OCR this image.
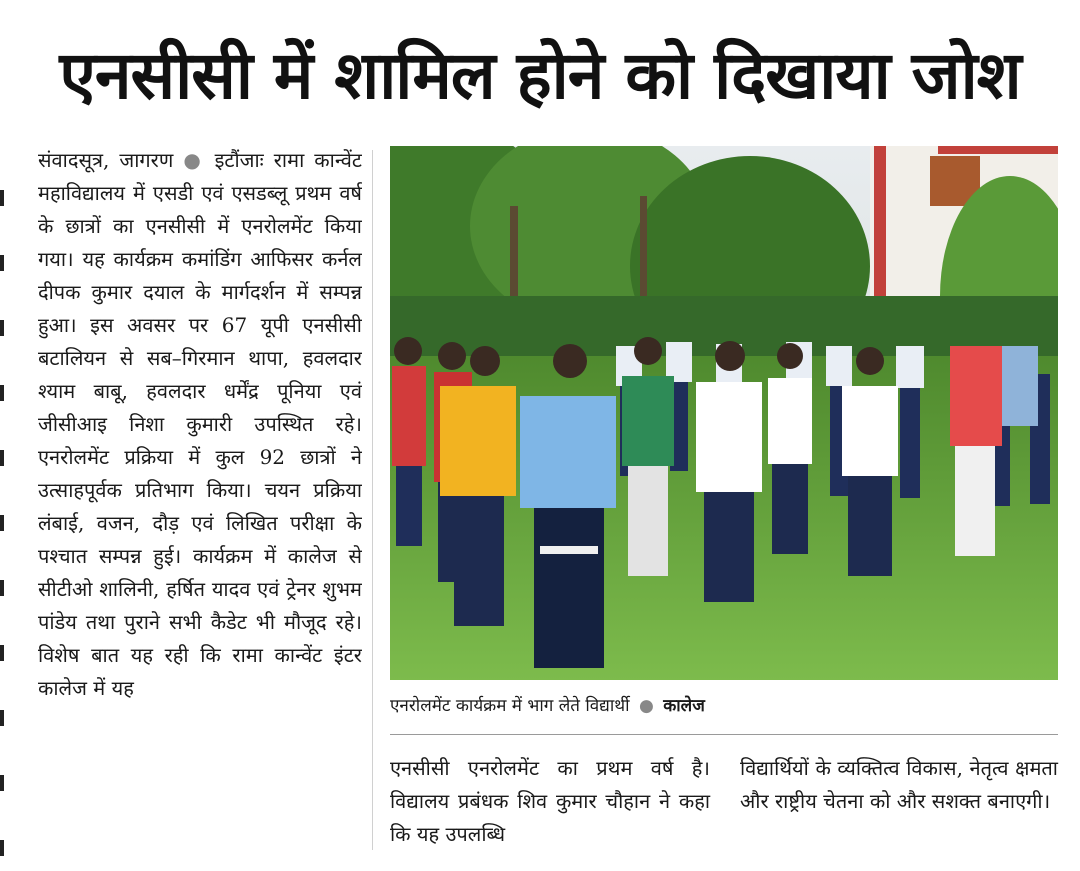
एनसीसी में शामिल होने को दिखाया जोश
संवादसूत्र, जागरण ● इटौंजाः रामा कान्वेंट महाविद्यालय में एसडी एवं एसडब्लू प्रथम वर्ष के छात्रों का एनसीसी में एनरोलमेंट किया गया। यह कार्यक्रम कमांडिंग आफिसर कर्नल दीपक कुमार दयाल के मार्गदर्शन में सम्पन्न हुआ। इस अवसर पर 67 यूपी एनसीसी बटालियन से सब–गिरमान थापा, हवलदार श्याम बाबू, हवलदार धर्मेंद्र पूनिया एवं जीसीआइ निशा कुमारी उपस्थित रहे। एनरोलमेंट प्रक्रिया में कुल 92 छात्रों ने उत्साहपूर्वक प्रतिभाग किया। चयन प्रक्रिया लंबाई, वजन, दौड़ एवं लिखित परीक्षा के पश्चात सम्पन्न हुई। कार्यक्रम में कालेज से सीटीओ शालिनी, हर्षित यादव एवं ट्रेनर शुभम पांडेय तथा पुराने सभी कैडेट भी मौजूद रहे। विशेष बात यह रही कि रामा कान्वेंट इंटर कालेज में यह
एनरोलमेंट कार्यक्रम में भाग लेते विद्यार्थी ● कालेज
एनसीसी एनरोलमेंट का प्रथम वर्ष है। विद्यालय प्रबंधक शिव कुमार चौहान ने कहा कि यह उपलब्धि
विद्यार्थियों के व्यक्तित्व विकास, नेतृत्व क्षमता और राष्ट्रीय चेतना को और सशक्त बनाएगी।
